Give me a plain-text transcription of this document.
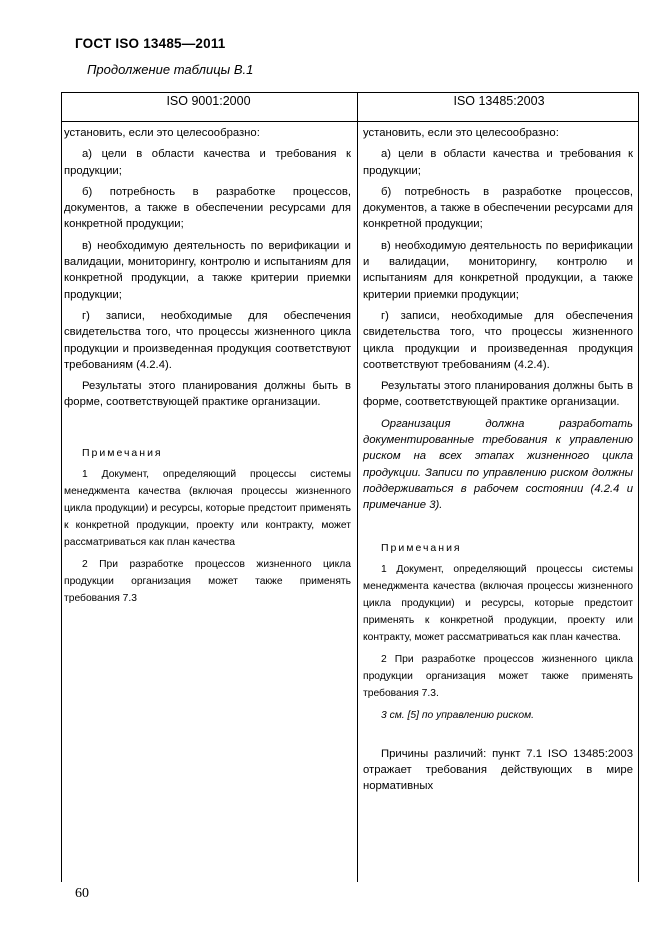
ГОСТ ISO 13485—2011
Продолжение таблицы В.1
ISO 9001:2000	ISO 13485:2003

установить, если это целесообразно:

а) цели в области качества и требования к продукции;

б) потребность в разработке процессов, документов, а также в обеспечении ресурсами для конкретной продукции;

в) необходимую деятельность по верификации и валидации, мониторингу, контролю и испытаниям для конкретной продукции, а также критерии приемки продукции;

г) записи, необходимые для обеспечения свидетельства того, что процессы жизненного цикла продукции и произведенная продукция соответствуют требованиям (4.2.4).

Результаты этого планирования должны быть в форме, соответствующей практике организации.

Примечания

1 Документ, определяющий процессы системы менеджмента качества (включая процессы жизненного цикла продукции) и ресурсы, которые предстоит применять к конкретной продукции, проекту или контракту, может рассматриваться как план качества

2 При разработке процессов жизненного цикла продукции организация может также применять требования 7.3

установить, если это целесообразно:

а) цели в области качества и требования к продукции;

б) потребность в разработке процессов, документов, а также в обеспечении ресурсами для конкретной продукции;

в) необходимую деятельность по верификации и валидации, мониторингу, контролю и испытаниям для конкретной продукции, а также критерии приемки продукции;

г) записи, необходимые для обеспечения свидетельства того, что процессы жизненного цикла продукции и произведенная продукция соответствуют требованиям (4.2.4).

Результаты этого планирования должны быть в форме, соответствующей практике организации.

Организация должна разработать документированные требования к управлению риском на всех этапах жизненного цикла продукции. Записи по управлению риском должны поддерживаться в рабочем состоянии (4.2.4 и примечание 3).

Примечания

1 Документ, определяющий процессы системы менеджмента качества (включая процессы жизненного цикла продукции) и ресурсы, которые предстоит применять к конкретной продукции, проекту или контракту, может рассматриваться как план качества.

2 При разработке процессов жизненного цикла продукции организация может также применять требования 7.3.

3 см. [5] по управлению риском.

Причины различий: пункт 7.1 ISO 13485:2003 отражает требования действующих в мире нормативных

60
